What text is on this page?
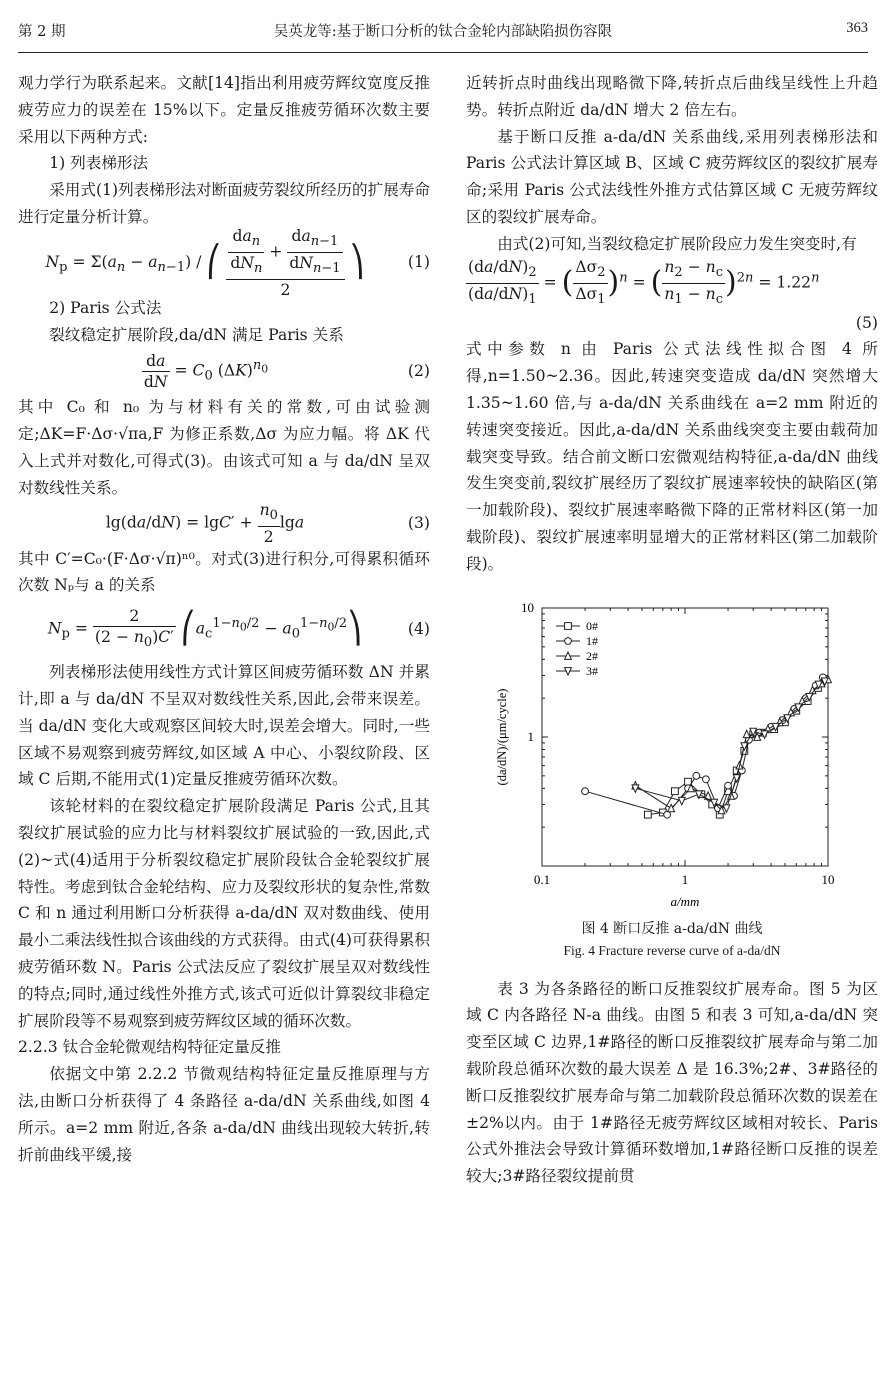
第 2 期	吴英龙等:基于断口分析的钛合金轮内部缺陷损伤容限	363

观力学行为联系起来。文献[14]指出利用疲劳辉纹宽度反推疲劳应力的误差在 15%以下。定量反推疲劳循环次数主要采用以下两种方式:

1) 列表梯形法

采用式(1)列表梯形法对断面疲劳裂纹所经历的扩展寿命进行定量分析计算。

$N_p = \Sigma(a_n - a_{n-1})$ / ⎛ $\frac{\frac{da_n}{dN_n} + \frac{da_{n-1}}{dN_{n-1}}}{2}$ ⎞	(1)

2) Paris 公式法

裂纹稳定扩展阶段,da/dN 满足 Paris 关系

$\frac{da}{dN} = C_0$ $(\Delta K)^{n_0}$	(2)

其中 C₀ 和 n₀ 为与材料有关的常数,可由试验测定;ΔK=F·Δσ·√πa,F 为修正系数,Δσ 为应力幅。将 ΔK 代入上式并对数化,可得式(3)。由该式可知 a 与 da/dN 呈双对数线性关系。

$\lg(da/dN) = \lg C' + \frac{n_0}{2}$ lga	(3)

其中 C′=C₀·(F·Δσ·√π)ⁿ⁰。对式(3)进行积分,可得累积循环次数 Nₚ与 a 的关系

$N_p = \frac{2}{(2 - n_0)C'}$ $⎛a_c^{1-n_0/2}$ − $a_0^{1-n_0/2}⎞$	(4)

列表梯形法使用线性方式计算区间疲劳循环数 ΔN 并累计,即 a 与 da/dN 不呈双对数线性关系,因此,会带来误差。当 da/dN 变化大或观察区间较大时,误差会增大。同时,一些区域不易观察到疲劳辉纹,如区域 A 中心、小裂纹阶段、区域 C 后期,不能用式(1)定量反推疲劳循环次数。

该轮材料的在裂纹稳定扩展阶段满足 Paris 公式,且其裂纹扩展试验的应力比与材料裂纹扩展试验的一致,因此,式(2)~式(4)适用于分析裂纹稳定扩展阶段钛合金轮裂纹扩展特性。考虑到钛合金轮结构、应力及裂纹形状的复杂性,常数 C 和 n 通过利用断口分析获得 a-da/dN 双对数曲线、使用最小二乘法线性拟合该曲线的方式获得。由式(4)可获得累积疲劳循环数 N。Paris 公式法反应了裂纹扩展呈双对数线性的特点;同时,通过线性外推方式,该式可近似计算裂纹非稳定扩展阶段等不易观察到疲劳辉纹区域的循环次数。

2.2.3 钛合金轮微观结构特征定量反推

依据文中第 2.2.2 节微观结构特征定量反推原理与方法,由断口分析获得了 4 条路径 a-da/dN 关系曲线,如图 4 所示。a=2 mm 附近,各条 a-da/dN 曲线出现较大转折,转折前曲线平缓,接

近转折点时曲线出现略微下降,转折点后曲线呈线性上升趋势。转折点附近 da/dN 增大 2 倍左右。

基于断口反推 a-da/dN 关系曲线,采用列表梯形法和 Paris 公式法计算区域 B、区域 C 疲劳辉纹区的裂纹扩展寿命;采用 Paris 公式法线性外推方式估算区域 C 无疲劳辉纹区的裂纹扩展寿命。

由式(2)可知,当裂纹稳定扩展阶段应力发生突变时,有

$\frac{(da/dN)_2}{(da/dN)_1}$ = ( $\frac{\Delta\sigma_2}{\Delta\sigma_1} )^n$ = ( $\frac{n_2 - n_c}{n_1 - n_c} )^{2n} = 1.22^n$
(5)

式中参数 n 由 Paris 公式法线性拟合图 4 所得,n=1.50~2.36。因此,转速突变造成 da/dN 突然增大 1.35~1.60 倍,与 a-da/dN 关系曲线在 a=2 mm 附近的转速突变接近。因此,a-da/dN 关系曲线突变主要由载荷加载突变导致。结合前文断口宏微观结构特征,a-da/dN 曲线发生突变前,裂纹扩展经历了裂纹扩展速率较快的缺陷区(第一加载阶段)、裂纹扩展速率略微下降的正常材料区(第一加载阶段)、裂纹扩展速率明显增大的正常材料区(第二加载阶段)。

0.1	1	10
1
10
a/mm
(da/dN)/(μm/cycle)
0#
1#
2#
3#
图 4 断口反推 a-da/dN 曲线
Fig. 4 Fracture reverse curve of a-da/dN

表 3 为各条路径的断口反推裂纹扩展寿命。图 5 为区域 C 内各路径 N-a 曲线。由图 5 和表 3 可知,a-da/dN 突变至区域 C 边界,1#路径的断口反推裂纹扩展寿命与第二加载阶段总循环次数的最大误差 Δ 是 16.3%;2#、3#路径的断口反推裂纹扩展寿命与第二加载阶段总循环次数的误差在±2%以内。由于 1#路径无疲劳辉纹区域相对较长、Paris 公式外推法会导致计算循环数增加,1#路径断口反推的误差较大;3#路径裂纹提前贯
